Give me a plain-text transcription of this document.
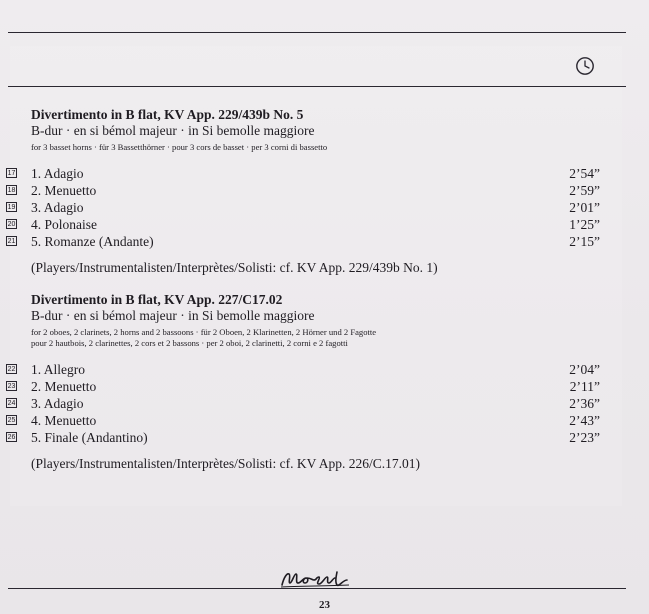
Divertimento in B flat, KV App. 229/439b No. 5
B-dur · en si bémol majeur · in Si bemolle maggiore
for 3 basset horns · für 3 Bassetthörner · pour 3 cors de basset · per 3 corni di bassetto
17 1. Adagio	2’54”
18 2. Menuetto	2’59”
19 3. Adagio	2’01”
20 4. Polonaise	1’25”
21 5. Romanze (Andante)	2’15”
(Players/Instrumentalisten/Interprètes/Solisti: cf. KV App. 229/439b No. 1)
Divertimento in B flat, KV App. 227/C17.02
B-dur · en si bémol majeur · in Si bemolle maggiore
for 2 oboes, 2 clarinets, 2 horns and 2 bassoons · für 2 Oboen, 2 Klarinetten, 2 Hörner und 2 Fagotte
pour 2 hautbois, 2 clarinettes, 2 cors et 2 bassons · per 2 oboi, 2 clarinetti, 2 corni e 2 fagotti
22 1. Allegro	2’04”
23 2. Menuetto	2’11”
24 3. Adagio	2’36”
25 4. Menuetto	2’43”
26 5. Finale (Andantino)	2’23”
(Players/Instrumentalisten/Interprètes/Solisti: cf. KV App. 226/C.17.01)
23
